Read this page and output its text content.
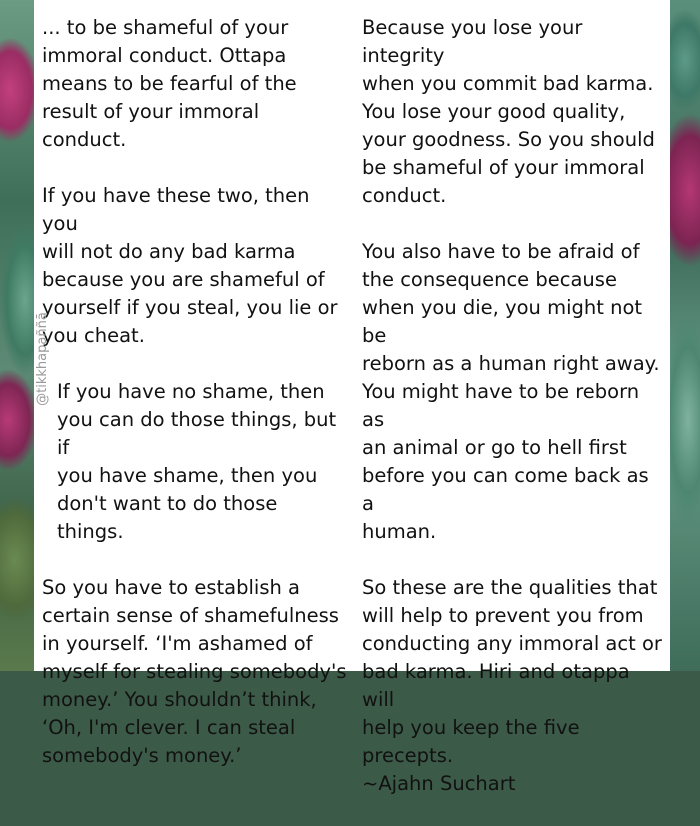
... to be shameful of your
immoral conduct. Ottapa
means to be fearful of the
result of your immoral conduct.

If you have these two, then you
will not do any bad karma
because you are shameful of
yourself if you steal, you lie or
you cheat.

If you have no shame, then
you can do those things, but if
you have shame, then you
don't want to do those things.

So you have to establish a
certain sense of shamefulness
in yourself. ‘I'm ashamed of
myself for stealing somebody's
money.’ You shouldn’t think,
‘Oh, I'm clever. I can steal
somebody's money.’

Because you lose your integrity
when you commit bad karma.
You lose your good quality,
your goodness. So you should
be shameful of your immoral
conduct.

You also have to be afraid of
the consequence because
when you die, you might not be
reborn as a human right away.
You might have to be reborn as
an animal or go to hell first
before you can come back as a
human.

So these are the qualities that
will help to prevent you from
conducting any immoral act or
bad karma. Hiri and otappa will
help you keep the five
precepts.

~Ajahn Suchart

@tikkhapaññā
